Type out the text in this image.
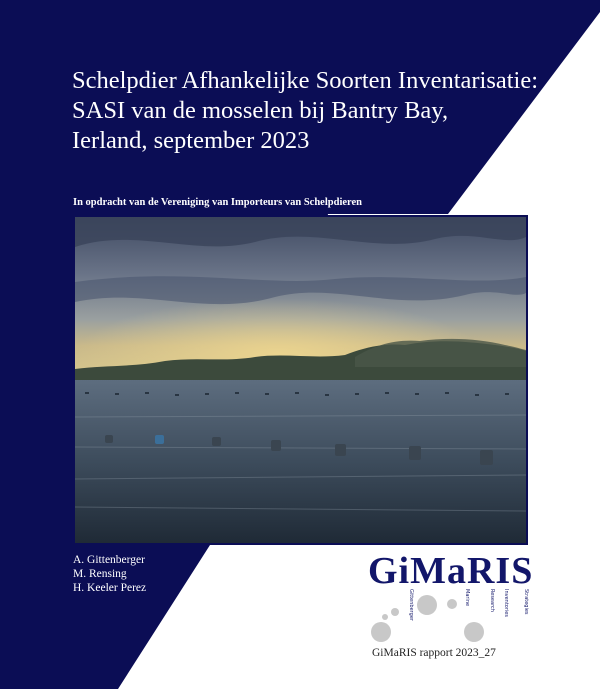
Schelpdier Afhankelijke Soorten Inventarisatie:
SASI van de mosselen bij Bantry Bay,
Ierland, september 2023
In opdracht van de Vereniging van Importeurs van Schelpdieren
A. Gittenberger
M. Rensing
H. Keeler Perez	GiMaRIS
Gittenberger	Marine	Research Inventories	Strategies
GiMaRIS rapport 2023_27
